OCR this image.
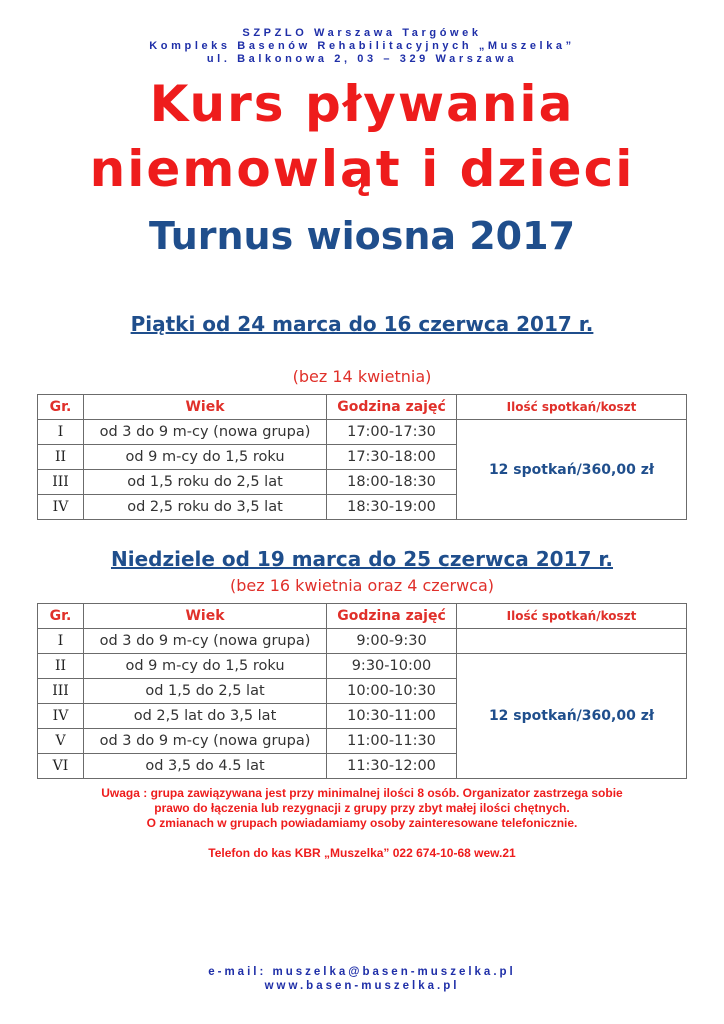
SZPZLO Warszawa Targówek
Kompleks Basenów Rehabilitacyjnych „Muszelka”
ul. Balkonowa 2, 03 – 329 Warszawa
Kurs pływania
niemowląt i dzieci
Turnus wiosna 2017
Piątki od 24 marca do 16 czerwca 2017 r.
(bez 14 kwietnia)
Gr.	Wiek	Godzina zajęć	Ilość spotkań/koszt
I	od 3 do 9 m-cy (nowa grupa)	17:00-17:30	12 spotkań/360,00 zł
II	od 9 m-cy do 1,5 roku	17:30-18:00	
III	od 1,5 roku do 2,5 lat	18:00-18:30	
IV	od 2,5 roku do 3,5 lat	18:30-19:00	
Niedziele od 19 marca do 25 czerwca 2017 r.
(bez 16 kwietnia oraz 4 czerwca)
Gr.	Wiek	Godzina zajęć	Ilość spotkań/koszt
I	od 3 do 9 m-cy (nowa grupa)	9:00-9:30	
II	od 9 m-cy do 1,5 roku	9:30-10:00	12 spotkań/360,00 zł
III	od 1,5 do 2,5 lat	10:00-10:30	
IV	od 2,5 lat do 3,5 lat	10:30-11:00	
V	od 3 do 9 m-cy (nowa grupa)	11:00-11:30	
VI	od 3,5 do 4.5 lat	11:30-12:00	
Uwaga : grupa zawiązywana jest przy minimalnej ilości 8 osób. Organizator zastrzega sobie
prawo do łączenia lub rezygnacji z grupy przy zbyt małej ilości chętnych.
O zmianach w grupach powiadamiamy osoby zainteresowane telefonicznie.
Telefon do kas KBR „Muszelka” 022 674-10-68 wew.21
e-mail: muszelka@basen-muszelka.pl
www.basen-muszelka.pl
